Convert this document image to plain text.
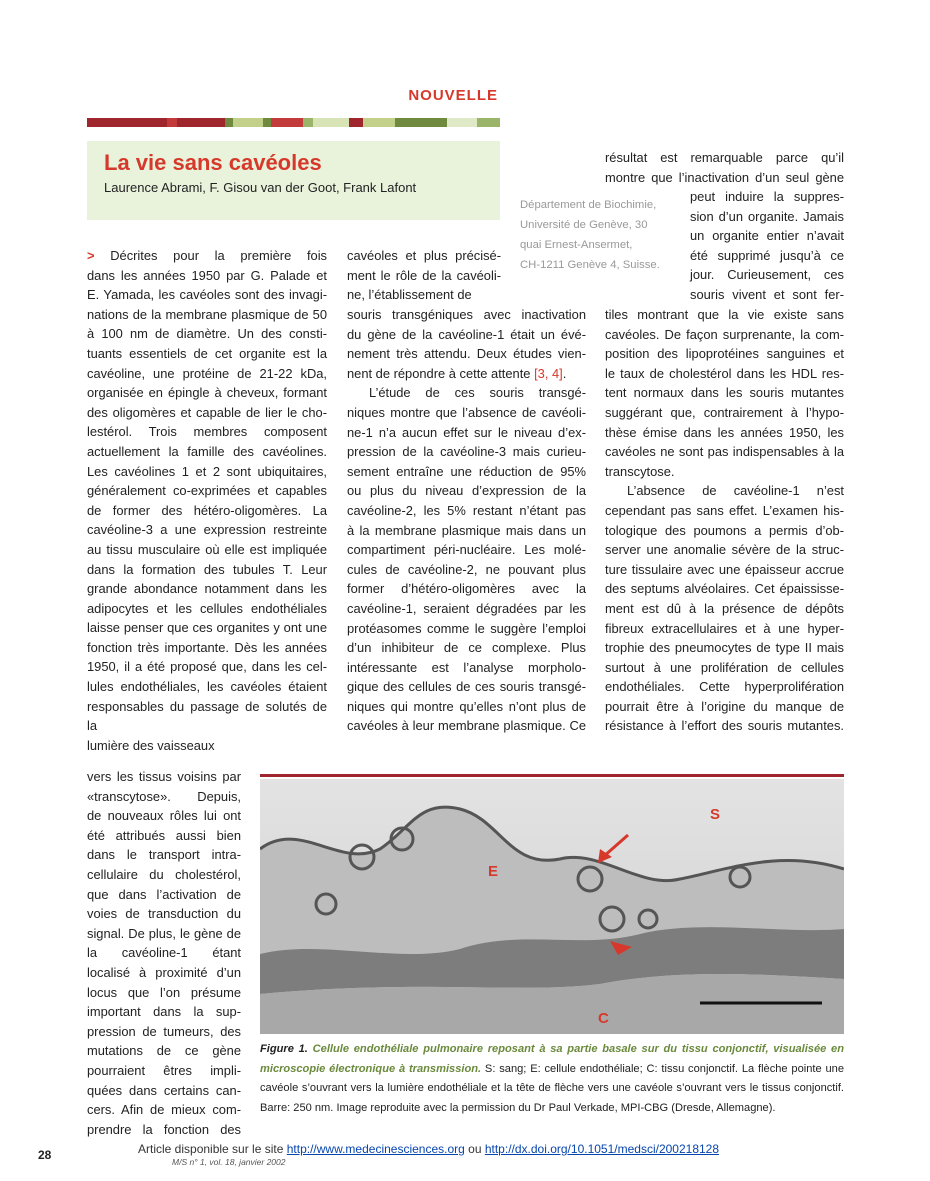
NOUVELLE
La vie sans cavéoles
Laurence Abrami, F. Gisou van der Goot, Frank Lafont
Département de Biochimie,
Université de Genève, 30
quai Ernest-Ansermet,
CH-1211 Genève 4, Suisse.
> Décrites pour la première fois
dans les années 1950 par G. Palade et
E. Yamada, les cavéoles sont des invagi-
nations de la membrane plasmique de 50
à 100 nm de diamètre. Un des consti-
tuants essentiels de cet organite est la
cavéoline, une protéine de 21-22 kDa,
organisée en épingle à cheveux, formant
des oligomères et capable de lier le cho-
lestérol. Trois membres composent
actuellement la famille des cavéolines.
Les cavéolines 1 et 2 sont ubiquitaires,
généralement co-exprimées et capables
de former des hétéro-oligomères. La
cavéoline-3 a une expression restreinte
au tissu musculaire où elle est impliquée
dans la formation des tubules T. Leur
grande abondance notamment dans les
adipocytes et les cellules endothéliales
laisse penser que ces organites y ont une
fonction très importante. Dès les années
1950, il a été proposé que, dans les cel-
lules endothéliales, les cavéoles étaient
responsables du passage de solutés de la
lumière des vaisseaux
vers les tissus voisins par
«transcytose». Depuis,
de nouveaux rôles lui ont
été attribués aussi bien
dans le transport intra-
cellulaire du cholestérol,
que dans l’activation de
voies de transduction du
signal. De plus, le gène de
la cavéoline-1 étant
localisé à proximité d’un
locus que l’on présume
important dans la sup-
pression de tumeurs, des
mutations de ce gène
pourraient êtres impli-
quées dans certains can-
cers. Afin de mieux com-
prendre la fonction des
cavéoles et plus précisé-
ment le rôle de la cavéoli-
ne, l’établissement de
souris transgéniques avec inactivation
du gène de la cavéoline-1 était un évé-
nement très attendu. Deux études vien-
nent de répondre à cette attente [3, 4].
L’étude de ces souris transgé-
niques montre que l’absence de cavéoli-
ne-1 n’a aucun effet sur le niveau d’ex-
pression de la cavéoline-3 mais curieu-
sement entraîne une réduction de 95%
ou plus du niveau d’expression de la
cavéoline-2, les 5% restant n’étant pas
à la membrane plasmique mais dans un
compartiment péri-nucléaire. Les molé-
cules de cavéoline-2, ne pouvant plus
former d’hétéro-oligomères avec la
cavéoline-1, seraient dégradées par les
protéasomes comme le suggère l’emploi
d’un inhibiteur de ce complexe. Plus
intéressante est l’analyse morpholo-
gique des cellules de ces souris transgé-
niques qui montre qu’elles n’ont plus de
cavéoles à leur membrane plasmique. Ce
résultat est remarquable parce qu’il
montre que l’inactivation d’un seul gène
peut induire la suppres-
sion d’un organite. Jamais
un organite entier n’avait
été supprimé jusqu’à ce
jour. Curieusement, ces
souris vivent et sont fer-
tiles montrant que la vie existe sans
cavéoles. De façon surprenante, la com-
position des lipoprotéines sanguines et
le taux de cholestérol dans les HDL res-
tent normaux dans les souris mutantes
suggérant que, contrairement à l’hypo-
thèse émise dans les années 1950, les
cavéoles ne sont pas indispensables à la
transcytose.
L’absence de cavéoline-1 n’est
cependant pas sans effet. L’examen his-
tologique des poumons a permis d’ob-
server une anomalie sévère de la struc-
ture tissulaire avec une épaisseur accrue
des septums alvéolaires. Cet épaississe-
ment est dû à la présence de dépôts
fibreux extracellulaires et à une hyper-
trophie des pneumocytes de type II mais
surtout à une prolifération de cellules
endothéliales. Cette hyperprolifération
pourrait être à l’origine du manque de
résistance à l’effort des souris mutantes.
S
E
C
Figure 1. Cellule endothéliale pulmonaire reposant à sa partie basale sur du tissu conjonctif, visualisée en microscopie électronique à transmission. S: sang; E: cellule endothéliale; C: tissu conjonctif. La flèche pointe une cavéole s’ouvrant vers la lumière endothéliale et la tête de flèche vers une cavéole s’ouvrant vers le tissus conjonctif. Barre: 250 nm. Image reproduite avec la permission du Dr Paul Verkade, MPI-CBG (Dresde, Allemagne).
28	Article disponible sur le site http://www.medecinesciences.org ou http://dx.doi.org/10.1051/medsci/200218128
M/S n° 1, vol. 18, janvier 2002
